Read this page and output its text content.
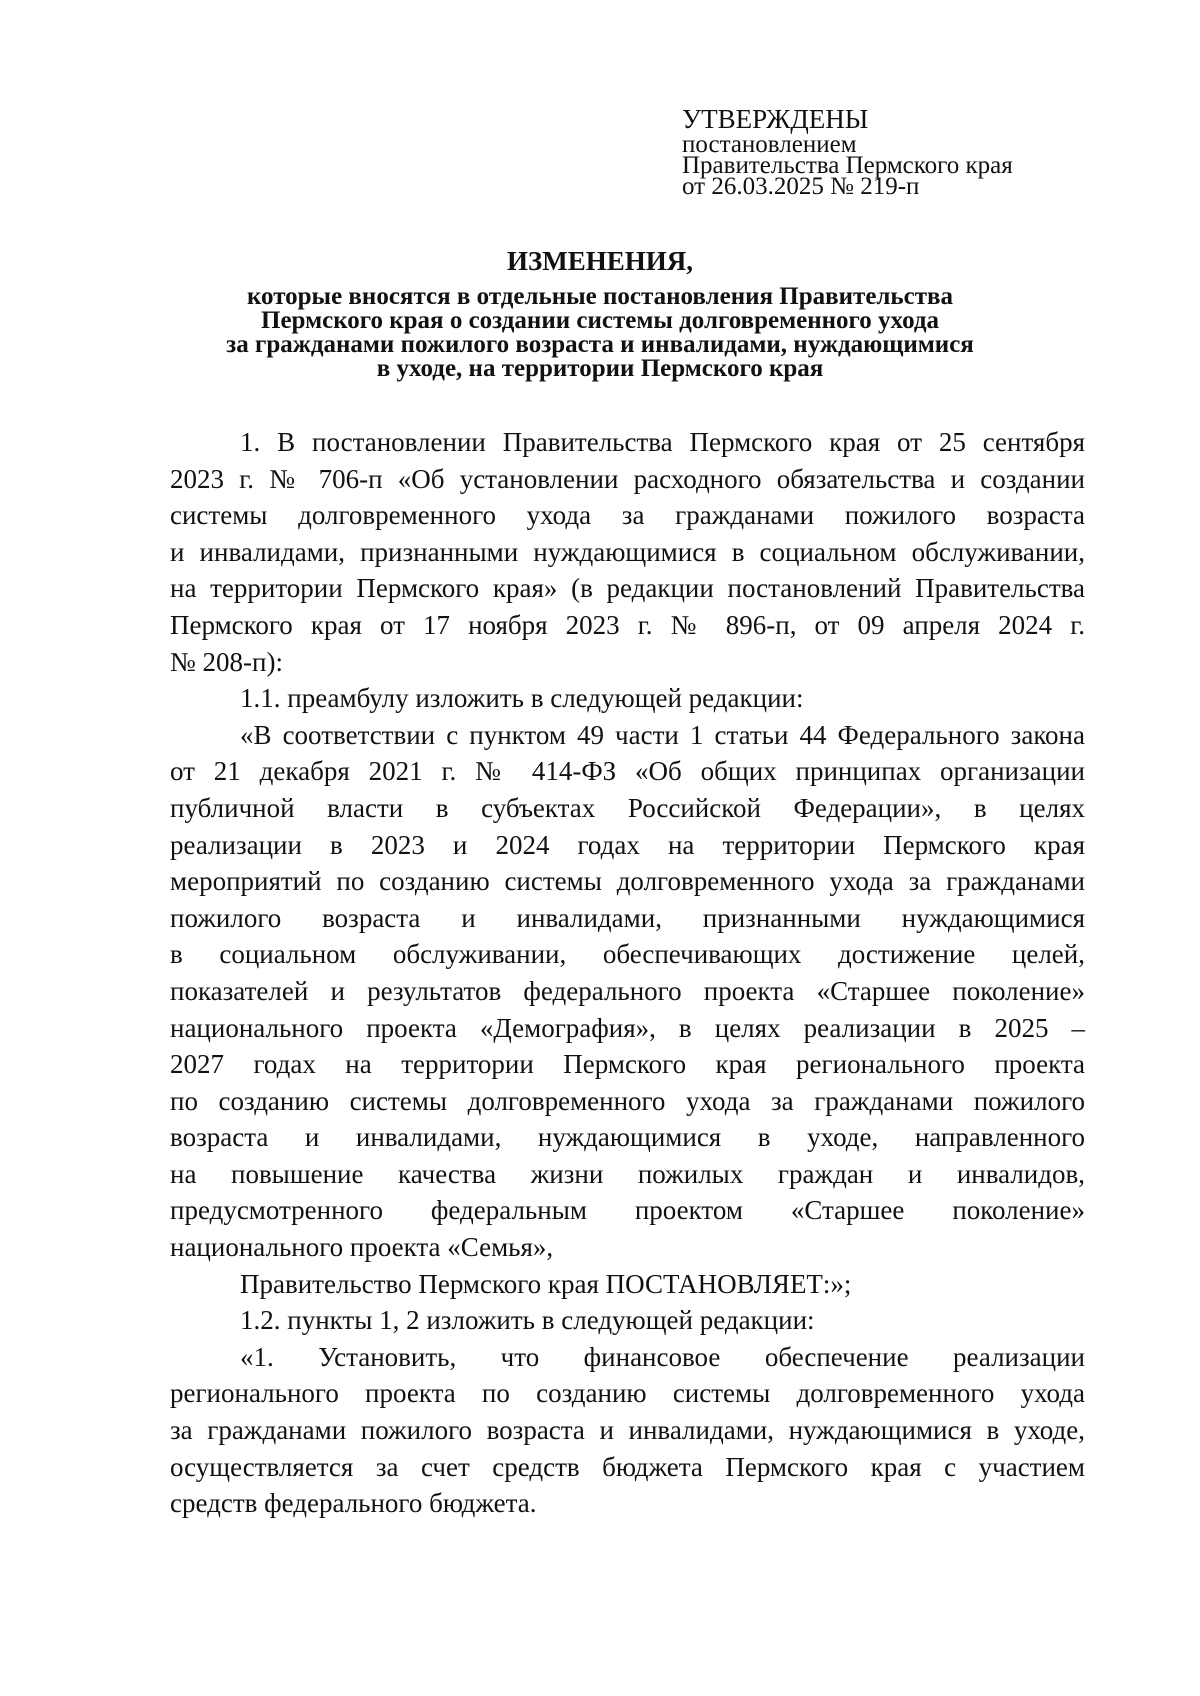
УТВЕРЖДЕНЫ
постановлением
Правительства Пермского края
от 26.03.2025 № 219-п
ИЗМЕНЕНИЯ,
которые вносятся в отдельные постановления Правительства
Пермского края о создании системы долговременного ухода
за гражданами пожилого возраста и инвалидами, нуждающимися
в уходе, на территории Пермского края
1. В постановлении Правительства Пермского края от 25 сентября
2023 г. № 706-п «Об установлении расходного обязательства и создании
системы долговременного ухода за гражданами пожилого возраста
и инвалидами, признанными нуждающимися в социальном обслуживании,
на территории Пермского края» (в редакции постановлений Правительства
Пермского края от 17 ноября 2023 г. № 896-п, от 09 апреля 2024 г.
№ 208-п):
1.1. преамбулу изложить в следующей редакции:
«В соответствии с пунктом 49 части 1 статьи 44 Федерального закона
от 21 декабря 2021 г. № 414-ФЗ «Об общих принципах организации
публичной власти в субъектах Российской Федерации», в целях
реализации в 2023 и 2024 годах на территории Пермского края
мероприятий по созданию системы долговременного ухода за гражданами
пожилого возраста и инвалидами, признанными нуждающимися
в социальном обслуживании, обеспечивающих достижение целей,
показателей и результатов федерального проекта «Старшее поколение»
национального проекта «Демография», в целях реализации в 2025 –
2027 годах на территории Пермского края регионального проекта
по созданию системы долговременного ухода за гражданами пожилого
возраста и инвалидами, нуждающимися в уходе, направленного
на повышение качества жизни пожилых граждан и инвалидов,
предусмотренного федеральным проектом «Старшее поколение»
национального проекта «Семья»,
Правительство Пермского края ПОСТАНОВЛЯЕТ:»;
1.2. пункты 1, 2 изложить в следующей редакции:
«1. Установить, что финансовое обеспечение реализации
регионального проекта по созданию системы долговременного ухода
за гражданами пожилого возраста и инвалидами, нуждающимися в уходе,
осуществляется за счет средств бюджета Пермского края с участием
средств федерального бюджета.
